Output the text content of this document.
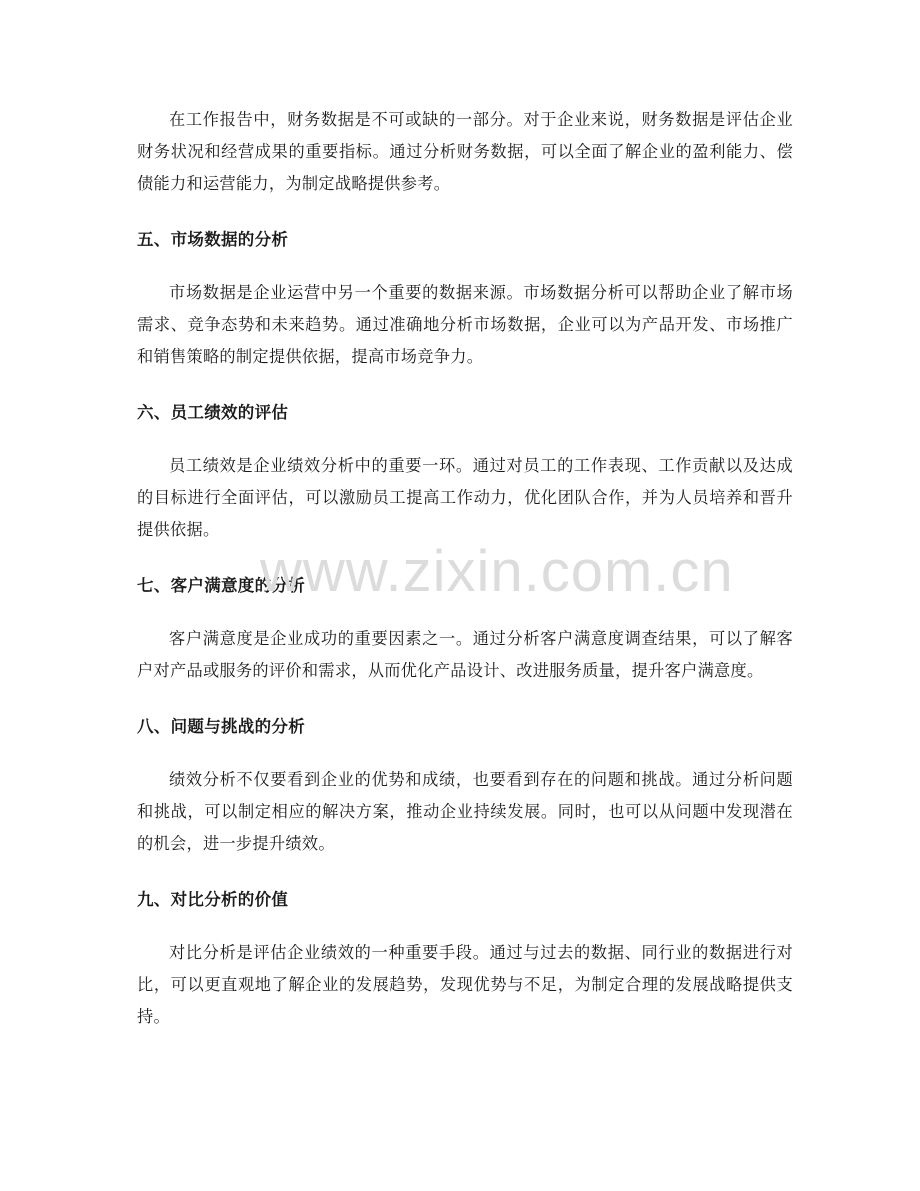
在工作报告中，财务数据是不可或缺的一部分。对于企业来说，财务数据是评估企业财务状况和经营成果的重要指标。通过分析财务数据，可以全面了解企业的盈利能力、偿债能力和运营能力，为制定战略提供参考。

五、市场数据的分析

市场数据是企业运营中另一个重要的数据来源。市场数据分析可以帮助企业了解市场需求、竞争态势和未来趋势。通过准确地分析市场数据，企业可以为产品开发、市场推广和销售策略的制定提供依据，提高市场竞争力。

六、员工绩效的评估

员工绩效是企业绩效分析中的重要一环。通过对员工的工作表现、工作贡献以及达成的目标进行全面评估，可以激励员工提高工作动力，优化团队合作，并为人员培养和晋升提供依据。

七、客户满意度的分析

客户满意度是企业成功的重要因素之一。通过分析客户满意度调查结果，可以了解客户对产品或服务的评价和需求，从而优化产品设计、改进服务质量，提升客户满意度。

八、问题与挑战的分析

绩效分析不仅要看到企业的优势和成绩，也要看到存在的问题和挑战。通过分析问题和挑战，可以制定相应的解决方案，推动企业持续发展。同时，也可以从问题中发现潜在的机会，进一步提升绩效。

九、对比分析的价值

对比分析是评估企业绩效的一种重要手段。通过与过去的数据、同行业的数据进行对比，可以更直观地了解企业的发展趋势，发现优势与不足，为制定合理的发展战略提供支持。

www.zixin.com.cn
